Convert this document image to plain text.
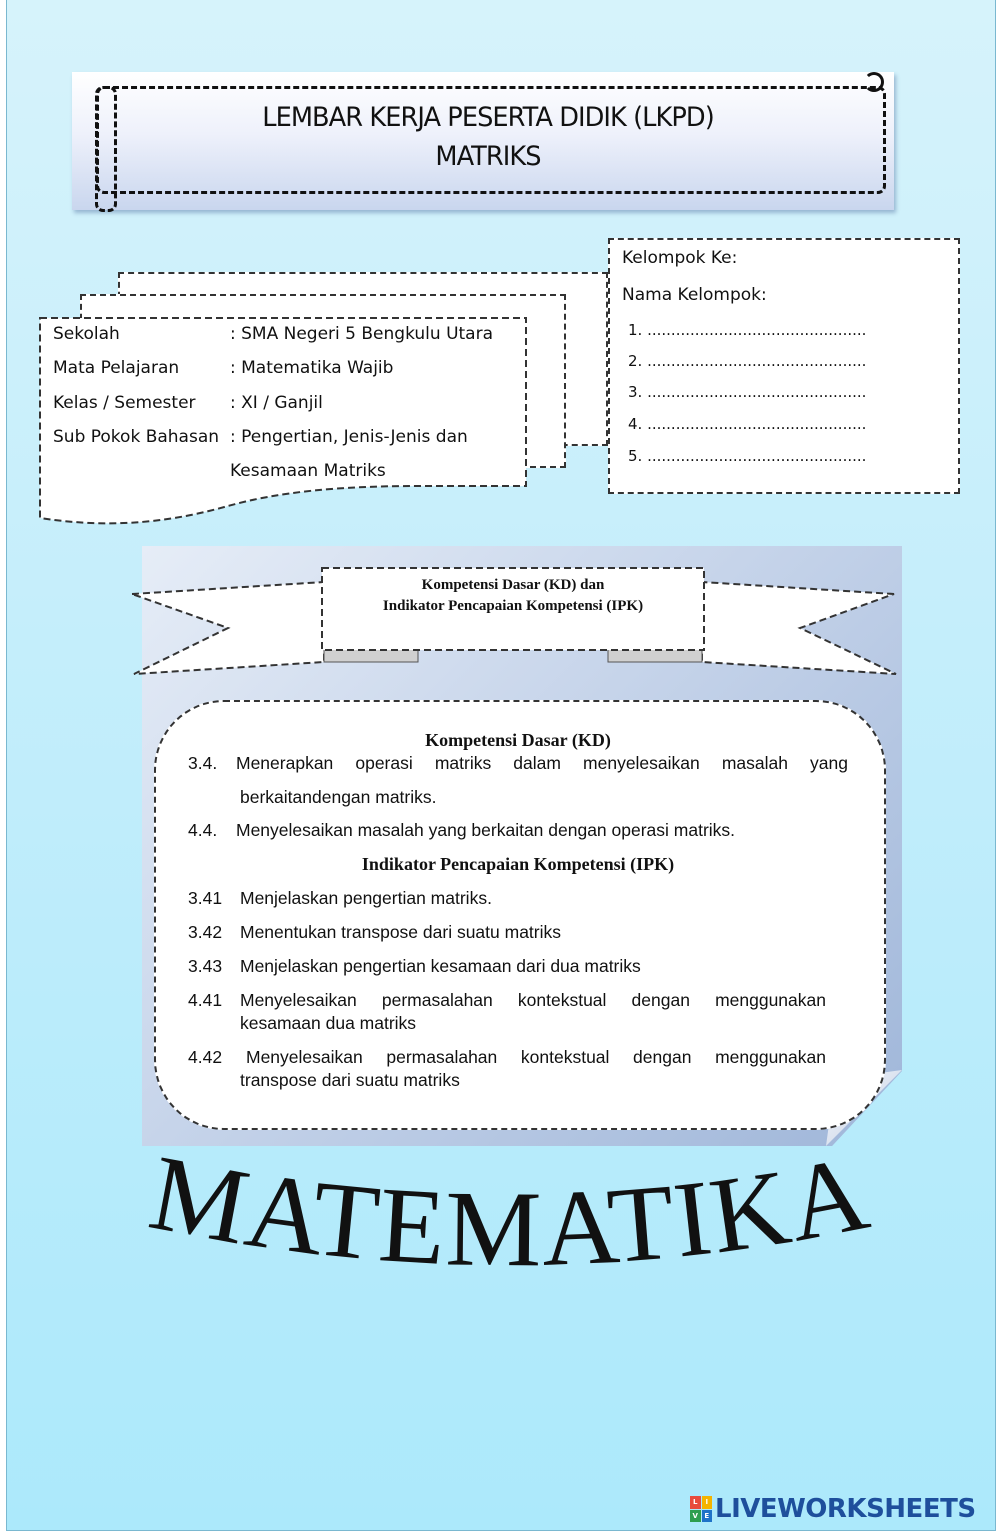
LEMBAR KERJA PESERTA DIDIK (LKPD)
MATRIKS
Sekolah	: SMA Negeri 5 Bengkulu Utara
Mata Pelajaran	: Matematika Wajib
Kelas / Semester : XI / Ganjil
Sub Pokok Bahasan : Pengertian, Jenis-Jenis dan
Kesamaan Matriks
Kelompok Ke:
Nama Kelompok:
1. ..............................................
2. ..............................................
3. ..............................................
4. ..............................................
5. ..............................................
Kompetensi Dasar (KD) dan
Indikator Pencapaian Kompetensi (IPK)
Kompetensi Dasar (KD)
3.4. Menerapkan operasi matriks dalam menyelesaikan masalah yang
berkaitandengan matriks.
4.4. Menyelesaikan masalah yang berkaitan dengan operasi matriks.
Indikator Pencapaian Kompetensi (IPK)
3.41 Menjelaskan pengertian matriks.
3.42 Menentukan transpose dari suatu matriks
3.43 Menjelaskan pengertian kesamaan dari dua matriks
4.41 Menyelesaikan permasalahan kontekstual dengan menggunakan
kesamaan dua matriks
4.42 Menyelesaikan permasalahan kontekstual dengan menggunakan
transpose dari suatu matriks
MATEMATIKA
L	I
V E LIVEWORKSHEETS
